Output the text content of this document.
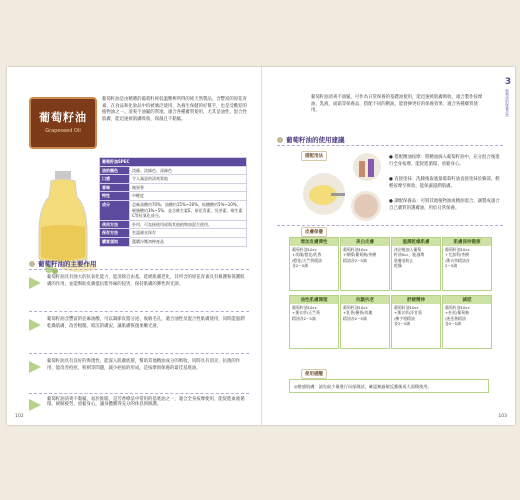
葡萄籽油
Grapeseed Oil
葡萄籽油是由精選的葡萄籽經低溫壓榨所得的純天然製品，含豐富的原花青素，在食品和化妝品中均被廣泛使用，為養生保健的好幫手，也是受歡迎的植物油之一。清爽不油膩的質地，適合各種膚質使用，尤其是油性、混合性肌膚，能迅速被肌膚吸收，保濕且不黏膩。
葡萄籽油SPEC	
油的顏色	淡綠、淡綠色、深綠色
口感	令人滿意的清爽質地
香味	無異香
特性	中輕度
成分	亞麻油酸約70%、油酸約15%~20%、棕櫚酸約5%~10%、硬脂酸約3%~5%，並含維生素E、原花青素、兒茶素、維生素C等抗氧化成分。
使用方法	外用、可直接使用或與其他植物油混合使用。
保存方法	室溫避光保存
購買須知	選購冷壓初榨產品
葡萄籽油的主要作用
葡萄籽油具有強大的抗氧化能力，能清除自由基、延緩肌膚老化，其所含的原花青素具有修護和保護肌膚的作用，並能幫助皮膚抵抗紫外線的侵害，保持肌膚的彈性與光澤。
葡萄籽油含豐富的亞麻油酸，可以調節皮脂分泌、收斂毛孔，適合油性及混合性肌膚使用，同時能滋潤乾燥肌膚，改善粗糙、暗沉的膚況，讓肌膚恢復柔嫩光滑。
葡萄籽油具有良好的滲透性，能深入肌膚底層，幫助其他精油成分的吸收，同時具有消炎、抗菌的作用，能改善痘痘、粉刺等問題，減少疤痕的形成，是按摩與保養的最佳基底油。
葡萄籽油清爽不黏膩，易於推開，是芳香療法中常用的基底油之一，適合全身按摩使用，能促進血液循環、緩解疲勞、放鬆身心，讓身體獲得充分的休息與修護。
102
葡萄籽油清爽不油膩，可作為日常保養的基礎油使用，能迅速被肌膚吸收，適合製作按摩油、乳液、面霜等保養品，搭配不同的精油，能發揮更好的保養效果，適合各種膚質使用。
3
植物油的保養功效
葡萄籽油的使用建議
搭配用法	● 搭配精油按摩：將精油滴入葡萄籽油中，充分混合後進行全身按摩，能促進循環、放鬆身心。
● 直接塗抹：洗臉後取適量葡萄籽油直接塗抹於臉部，輕輕按摩至吸收，能保濕滋潤肌膚。
● 調配保養品：可與其他植物油或精油混合，調製成適合自己膚質的護膚油，用於日常保養。
皮膚保養
增加皮膚彈性
葡萄籽油10cc
+玫瑰/橙花/乳香
/橙花/天竺葵精油
各2~5滴
美白皮膚
葡萄籽油10cc
+檸檬/葡萄柚/茶樹
精油各2~5滴
溫潤乾燥肌膚
沐浴後加入葡萄
籽油5cc，能滋潤
肌膚並防止
乾燥
肌膚保持健康
葡萄籽油10cc
+尤加利/茶樹
/薰衣草精油各
2~5滴
油性肌膚調理
葡萄籽油10cc
+薰衣草/天竺葵
精油各2~5滴
抗皺抗老
葡萄籽油10cc
+乳香/檀香/玫瑰
精油各2~5滴
舒緩精神
葡萄籽油10cc
+薰衣草/洋甘菊
/佛手柑精油
各2~5滴
減肥
葡萄籽油10cc
+杜松/葡萄柚
/迷迭香精油
各2~5滴
使用提醒
◎敏感肌膚：請先取少量進行局部測試，確認無過敏反應後再大面積使用。
103
